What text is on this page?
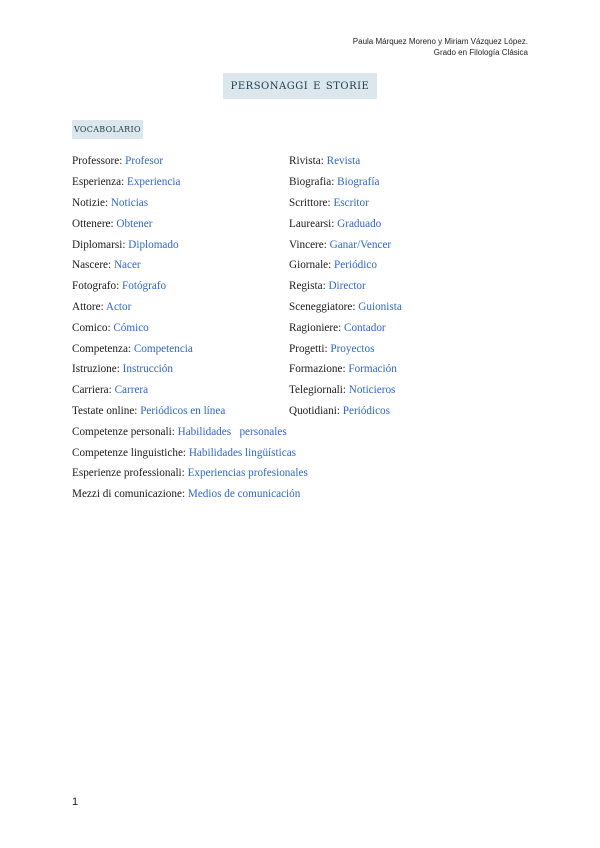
Paula Márquez Moreno y Miriam Vázquez López.
Grado en Filología Clásica
personaggi e storie
vocabolario
Professore: Profesor	Rivista: Revista
Esperienza: Experiencia	Biografia: Biografía
Notizie: Noticias	Scrittore: Escritor
Ottenere: Obtener	Laurearsi: Graduado
Diplomarsi: Diplomado	Vincere: Ganar/Vencer
Nascere: Nacer	Giornale: Periódico
Fotografo: Fotógrafo	Regista: Director
Attore: Actor	Sceneggiatore: Guionista
Comico: Cómico	Ragioniere: Contador
Competenza: Competencia	Progetti: Proyectos
Istruzione: Instrucción	Formazione: Formación
Carriera: Carrera	Telegiornali: Noticieros
Testate online: Periódicos en línea	Quotidiani: Periódicos
Competenze personali: Habilidades   personales
Competenze linguistiche: Habilidades lingüísticas
Esperienze professionali: Experiencias profesionales
Mezzi di comunicazione: Medios de comunicación
1
